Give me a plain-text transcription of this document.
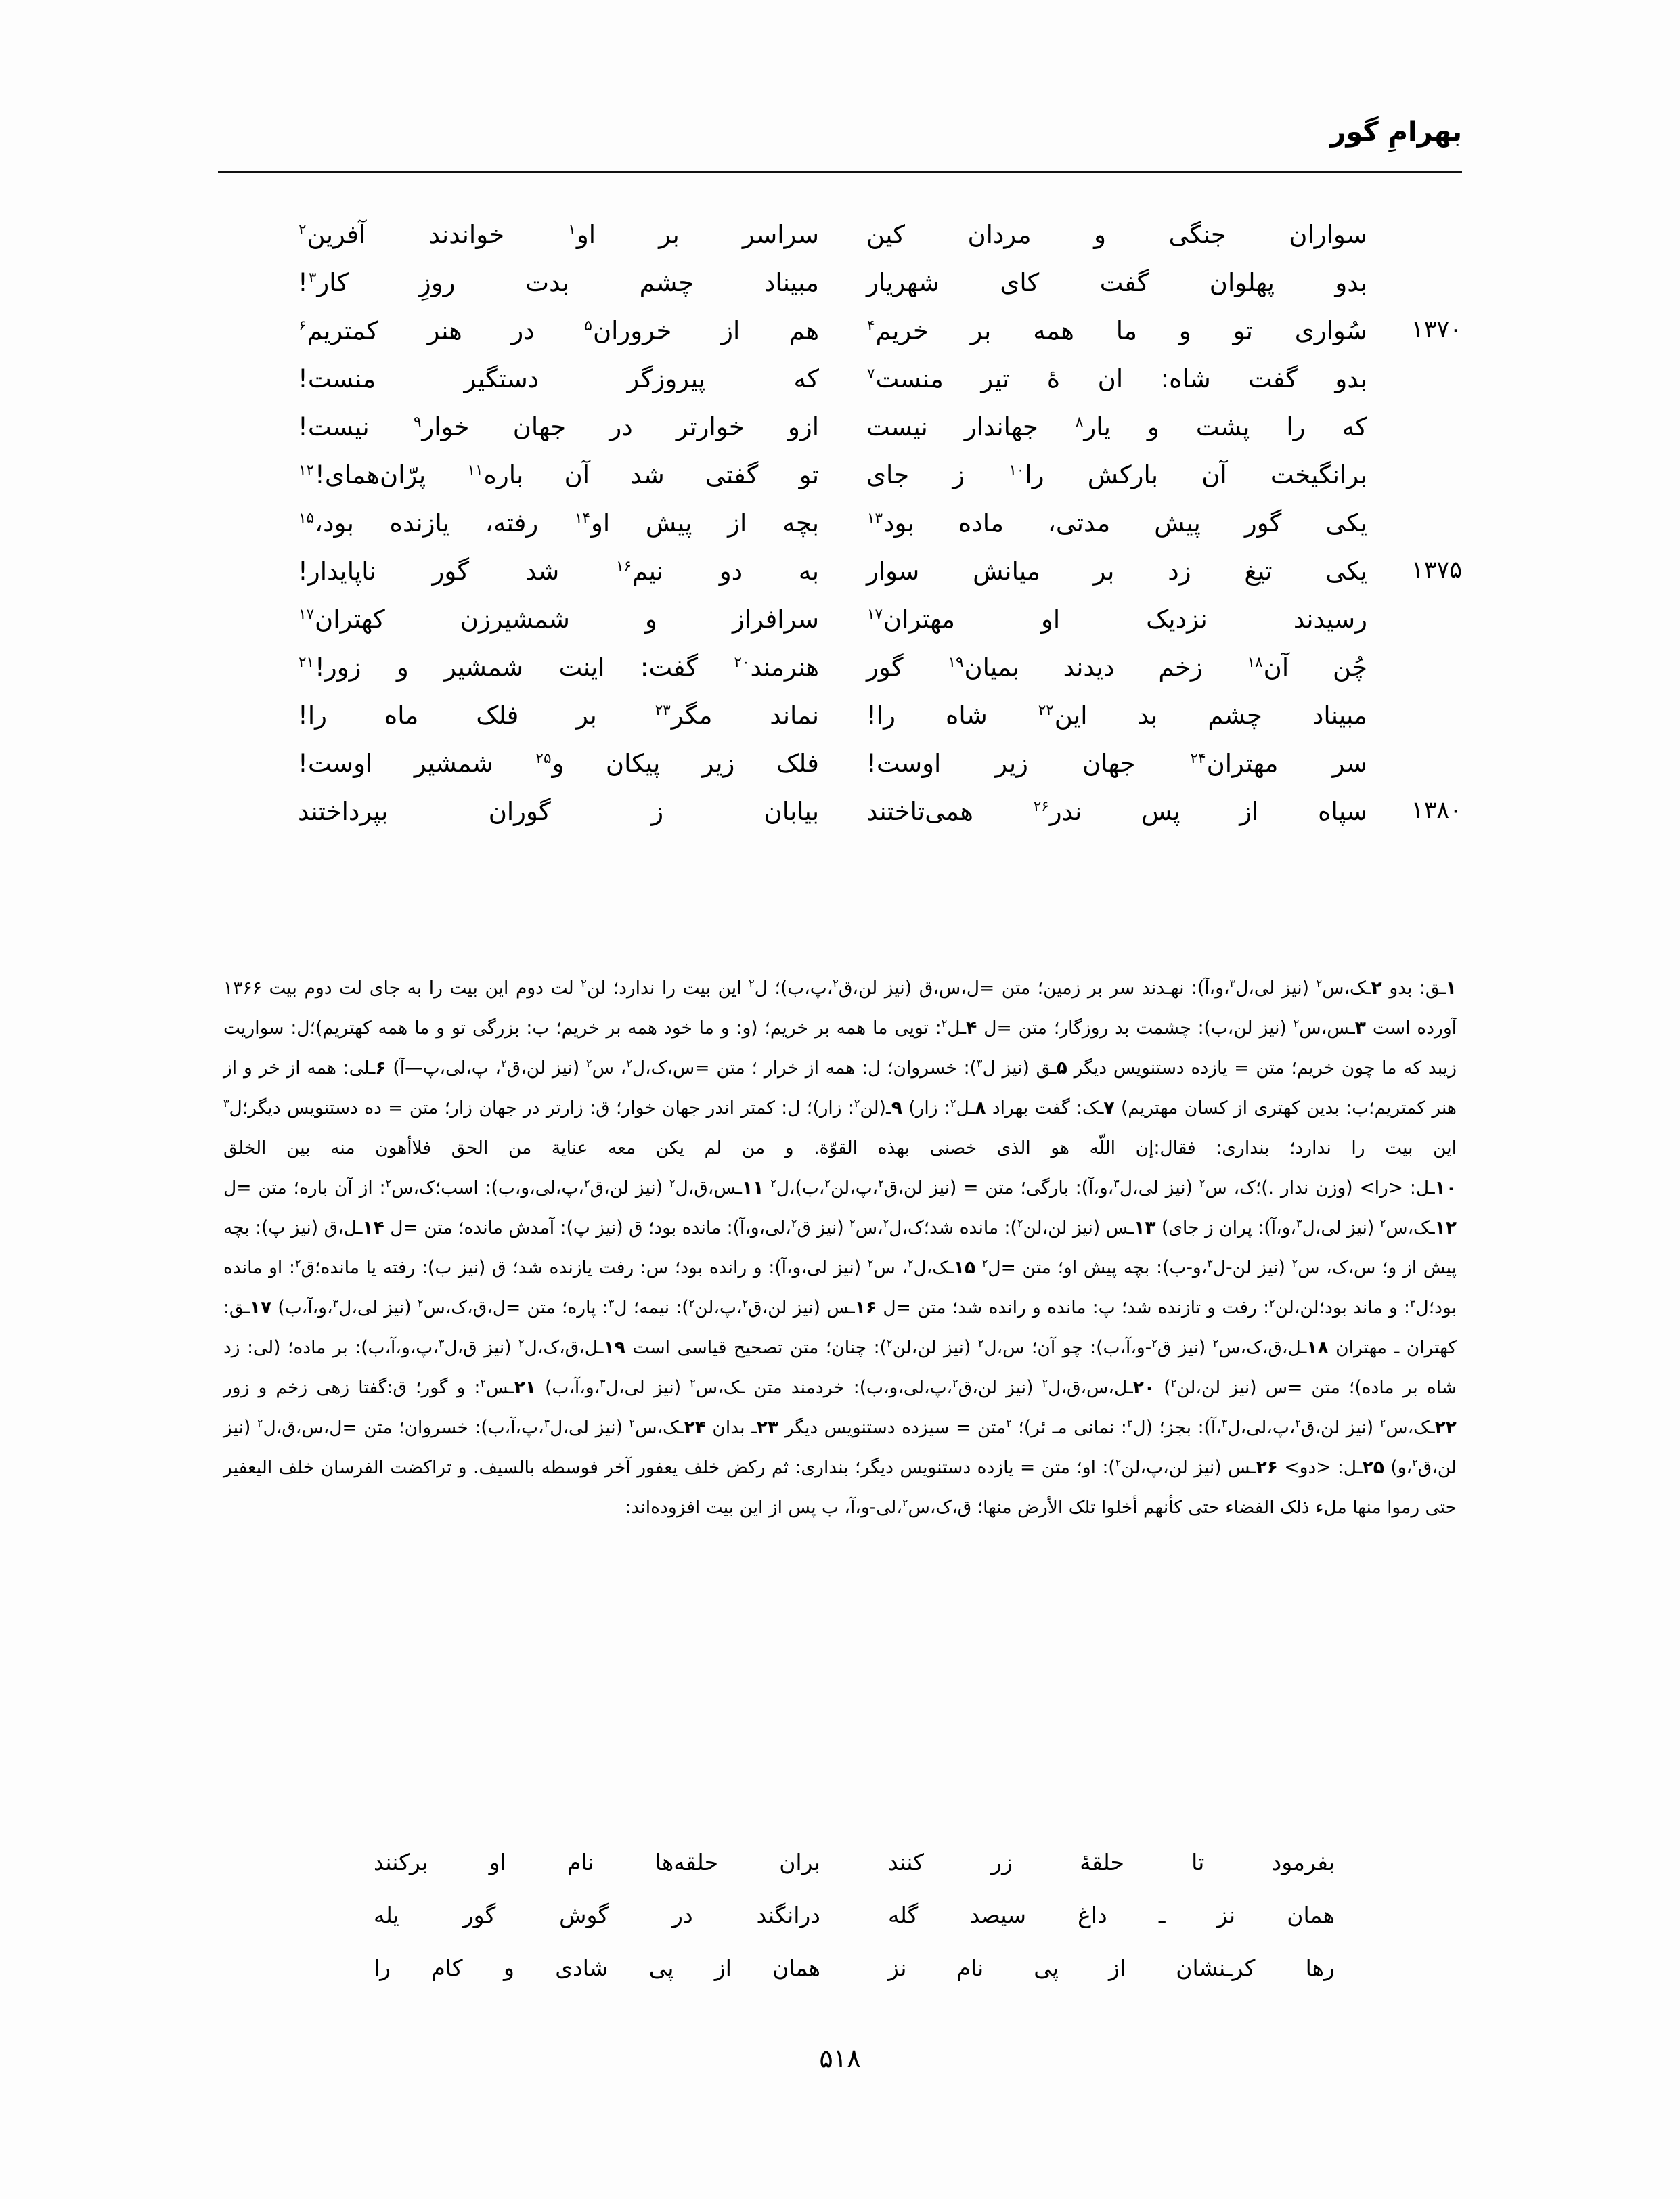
بهرامِ گور
سواران جنگی و مردان کین
سراسر بر او$^۱$ خواندند آفرین$^۲$
بدو پهلوان گفت کای شهریار
مبیناد چشم بدت روزِ کار$^۳$!
۱۳۷۰
سُواری تو و ما همه بر خریم$^۴$
هم از خروران$^۵$ در هنر کمتریم$^۶$
بدو گفت شاه: ان ۀ تیر منست$^۷$
که پیروزگر دستگیر منست!
که را پشت و یار$^۸$ جهاندار نیست
ازو خوارتر در جهان خوار$^۹$ نیست!
برانگیخت آن بارکش را$^{۱۰}$ ز جای
تو گفتی شد آن باره$^{۱۱}$ پرّان‌همای!$^{۱۲}$
یکی گور پیش مدتی، ماده بود$^{۱۳}$
بچه از پیش او$^{۱۴}$ رفته، یازنده بود،$^{۱۵}$
۱۳۷۵
یکی تیغ زد بر میانش سوار
به دو نیم$^{۱۶}$ شد گور ناپایدار!
رسیدند نزدیک او مهتران$^{۱۷}$
سرافراز و شمشیرزن کهتران$^{۱۷}$
چُن آن$^{۱۸}$ زخم دیدند بمیان$^{۱۹}$ گور
هنرمند$^{۲۰}$ گفت: اینت شمشیر و زور!$^{۲۱}$
مبیناد چشم بد این$^{۲۲}$ شاه را!
نماند مگر$^{۲۳}$ بر فلک ماه را!
سر مهتران$^{۲۴}$ جهان زیر اوست!
فلک زیر پیکان و$^{۲۵}$ شمشیر اوست!
۱۳۸۰
سپاه از پس ندر$^{۲۶}$ همی‌تاختند
بیابان ز گوران بپرداختند

۱ـق: بدو ۲ـک،س$^۲$ (نیز لی،ل$^۳$،و،آ): نهـدند سر بر زمین؛ متن =ل،س،ق (نیز لن،ق$^۲$،پ،ب)؛ ل$^۲$ این بیت را ندارد؛ لن$^۲$ لت دوم این بیت را به جای لت دوم بیت ۱۳۶۶ آورده است ۳ـس،س$^۲$ (نیز لن،ب): چشمت بد روزگار؛ متن =ل ۴ـل$^۲$: تویی ما همه بر خریم؛ (و: و ما خود همه بر خریم؛ ب: بزرگی تو و ما همه کهتریم)؛ل: سواریت زیبد که ما چون خریم؛ متن = یازده دستنویس دیگر ۵ـق (نیز ل$^۳$): خسروان؛ ل: همه از خرار ؛ متن =س،ک،ل$^۲$، س$^۲$ (نیز لن،ق$^۲$، پ،لی،پ—آ) ۶ـلی: همه از خر و از هنر کمتریم؛ب: بدین کهتری از کسان مهتریم) ۷ـک: گفت بهراد ۸ـل$^۲$: زار) ۹ـ(لن$^۲$: زار)؛ ل: کمتر اندر جهان خوار؛ ق: زارتر در جهان زار؛ متن = ده دستنویس دیگر؛ل$^۳$ این بیت را ندارد؛ بنداری: فقال:إن اللّه هو الذی خصنی بهذه القوّة. و من لم یکن معه عنایة من الحق فلاأهون منه بین الخلق

۱۰ـل: <را> (وزن ندار .)؛ک، س$^۲$ (نیز لی،ل$^۳$،و،آ): بارگی؛ متن = (نیز لن،ق$^۲$،پ،لن$^۲$،ب)،ل$^۲$ ۱۱ـس،ق،ل$^۲$ (نیز لن،ق$^۲$،پ،لی،و،ب): اسب؛ک،س$^۲$: از آن باره؛ متن =ل ۱۲ـک،س$^۲$ (نیز لی،ل$^۳$،و،آ): پران ز جای) ۱۳ـس (نیز لن،لن$^۲$): مانده شد؛ک،ل$^۲$،س$^۲$ (نیز ق$^۲$،لی،و،آ): مانده بود؛ ق (نیز پ): آمدش مانده؛ متن =ل ۱۴ـل،ق (نیز پ): بچه پیش از و؛ س،ک، س$^۲$ (نیز لن-ل$^۳$،و-ب): بچه پیش او؛ متن =ل$^۲$ ۱۵ـک،ل$^۲$، س$^۲$ (نیز لی،و،آ): و رانده بود؛ س: رفت یازنده شد؛ ق (نیز ب): رفته یا مانده؛ق$^۲$: او مانده بود؛ل$^۳$: و ماند بود؛لن،لن$^۲$: رفت و تازنده شد؛ پ: مانده و رانده شد؛ متن =ل ۱۶ـس (نیز لن،ق$^۲$،پ،لن$^۲$): نیمه؛ ل$^۳$: پاره؛ متن =ل،ق،ک،س$^۲$ (نیز لی،ل$^۳$،و،آ،ب) ۱۷ـق: کهتران ـ مهتران ۱۸ـل،ق،ک،س$^۲$ (نیز ق$^۲$-و،آ،ب): چو آن؛ س،ل$^۲$ (نیز لن،لن$^۲$): چنان؛ متن تصحیح قیاسی است ۱۹ـل،ق،ک،ل$^۲$ (نیز ق،ل$^۳$،پ،و،آ،ب): بر ماده؛ (لی: زد شاه بر ماده)؛ متن =س (نیز لن،لن$^۲$) ۲۰ـل،س،ق،ل$^۲$ (نیز لن،ق$^۲$،پ،لی،و،ب): خردمند متن ـک،س$^۲$ (نیز لی،ل$^۳$،و،آ،ب) ۲۱ـس$^۲$: و گور؛ ق:گفتا زهی زخم و زور ۲۲ـک،س$^۲$ (نیز لن،ق$^۲$،پ،لی،ل$^۳$،آ): بجز؛ (ل$^۳$: نمانی مـ ئر)؛ $^۲$متن = سیزده دستنویس دیگر ۲۳ـ بدان ۲۴ـک،س$^۲$ (نیز لی،ل$^۳$،پ،آ،ب): خسروان؛ متن =ل،س،ق،ل$^۲$ (نیز لن،ق$^۲$،و) ۲۵ـل: <دو> ۲۶ـس (نیز لن،پ،لن$^۲$): او؛ متن = یازده دستنویس دیگر؛ بنداری: ثم رکض خلف یعفور آخر فوسطه بالسیف. و تراکضت الفرسان خلف الیعفیر حتی رموا منها ملء ذلک الفضاء حتی کأنهم أخلوا تلک الأرض منها؛ ق،ک،س$^۲$،لی-و،آ، ب پس از این بیت افزوده‌اند:

بفرمود تا حلقهٔ زر کنند
بران حلقه‌ها نام او برکنند
همان نز ـ داغ سیصد گله
درانگند در گوش گور یله
رها کرـنشان از پی نام نز
همان از پی شادی و کام را
۵۱۸
